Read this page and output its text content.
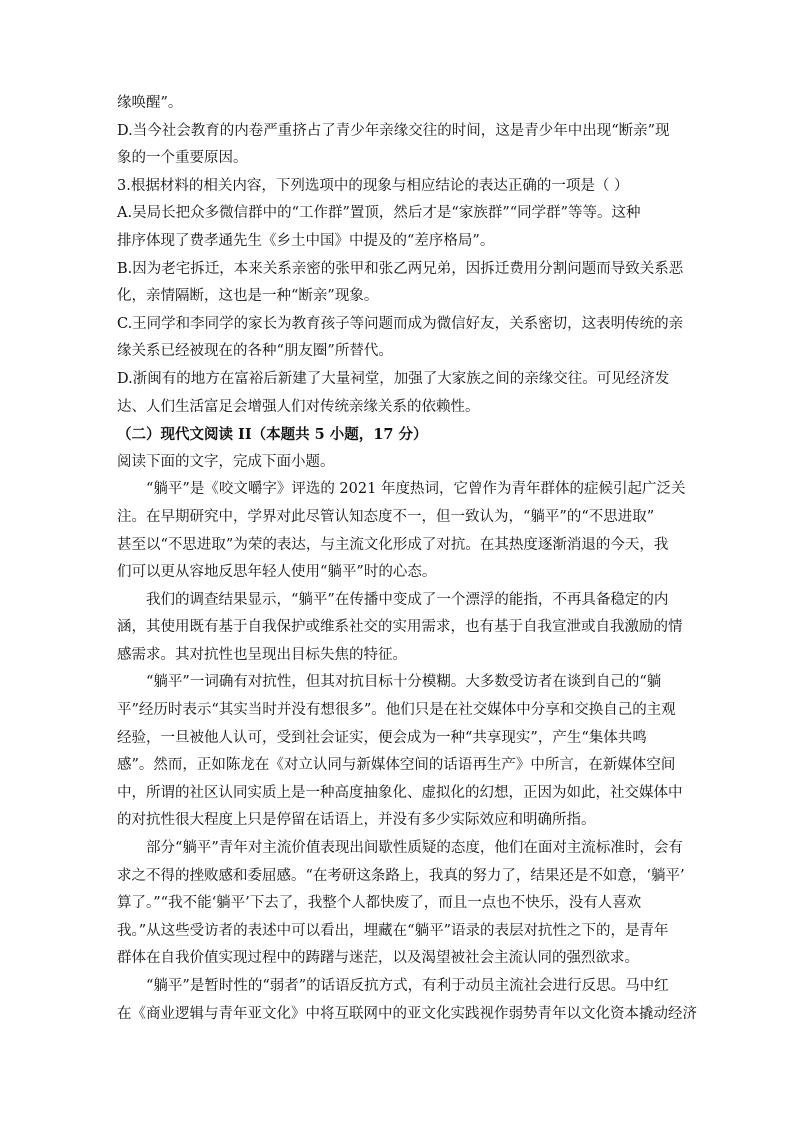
缘唤醒”。
D.当今社会教育的内卷严重挤占了青少年亲缘交往的时间，这是青少年中出现“断亲”现
象的一个重要原因。
3.根据材料的相关内容，下列选项中的现象与相应结论的表达正确的一项是（ ）
A.吴局长把众多微信群中的“工作群”置顶，然后才是“家族群”“同学群”等等。这种
排序体现了费孝通先生《乡土中国》中提及的“差序格局”。
B.因为老宅拆迁，本来关系亲密的张甲和张乙两兄弟，因拆迁费用分割问题而导致关系恶
化，亲情隔断，这也是一种“断亲”现象。
C.王同学和李同学的家长为教育孩子等问题而成为微信好友，关系密切，这表明传统的亲
缘关系已经被现在的各种“朋友圈”所替代。
D.浙闽有的地方在富裕后新建了大量祠堂，加强了大家族之间的亲缘交往。可见经济发
达、人们生活富足会增强人们对传统亲缘关系的依赖性。
（二）现代文阅读 II（本题共 5 小题，17 分）
阅读下面的文字，完成下面小题。
“躺平”是《咬文嚼字》评选的 2021 年度热词，它曾作为青年群体的症候引起广泛关
注。在早期研究中，学界对此尽管认知态度不一，但一致认为，“躺平”的“不思进取”
甚至以“不思进取”为荣的表达，与主流文化形成了对抗。在其热度逐渐消退的今天，我
们可以更从容地反思年轻人使用“躺平”时的心态。
我们的调查结果显示，“躺平”在传播中变成了一个漂浮的能指，不再具备稳定的内
涵，其使用既有基于自我保护或维系社交的实用需求，也有基于自我宣泄或自我激励的情
感需求。其对抗性也呈现出目标失焦的特征。
“躺平”一词确有对抗性，但其对抗目标十分模糊。大多数受访者在谈到自己的“躺
平”经历时表示“其实当时并没有想很多”。他们只是在社交媒体中分享和交换自己的主观
经验，一旦被他人认可，受到社会证实，便会成为一种“共享现实”，产生“集体共鸣
感”。然而，正如陈龙在《对立认同与新媒体空间的话语再生产》中所言，在新媒体空间
中，所谓的社区认同实质上是一种高度抽象化、虚拟化的幻想，正因为如此，社交媒体中
的对抗性很大程度上只是停留在话语上，并没有多少实际效应和明确所指。
部分“躺平”青年对主流价值表现出间歇性质疑的态度，他们在面对主流标准时，会有
求之不得的挫败感和委屈感。“在考研这条路上，我真的努力了，结果还是不如意，‘躺平’
算了。”“我不能‘躺平’下去了，我整个人都快废了，而且一点也不快乐，没有人喜欢
我。”从这些受访者的表述中可以看出，埋藏在“躺平”语录的表层对抗性之下的，是青年
群体在自我价值实现过程中的踌躇与迷茫，以及渴望被社会主流认同的强烈欲求。
“躺平”是暂时性的“弱者”的话语反抗方式，有利于动员主流社会进行反思。马中红
在《商业逻辑与青年亚文化》中将互联网中的亚文化实践视作弱势青年以文化资本撬动经济
